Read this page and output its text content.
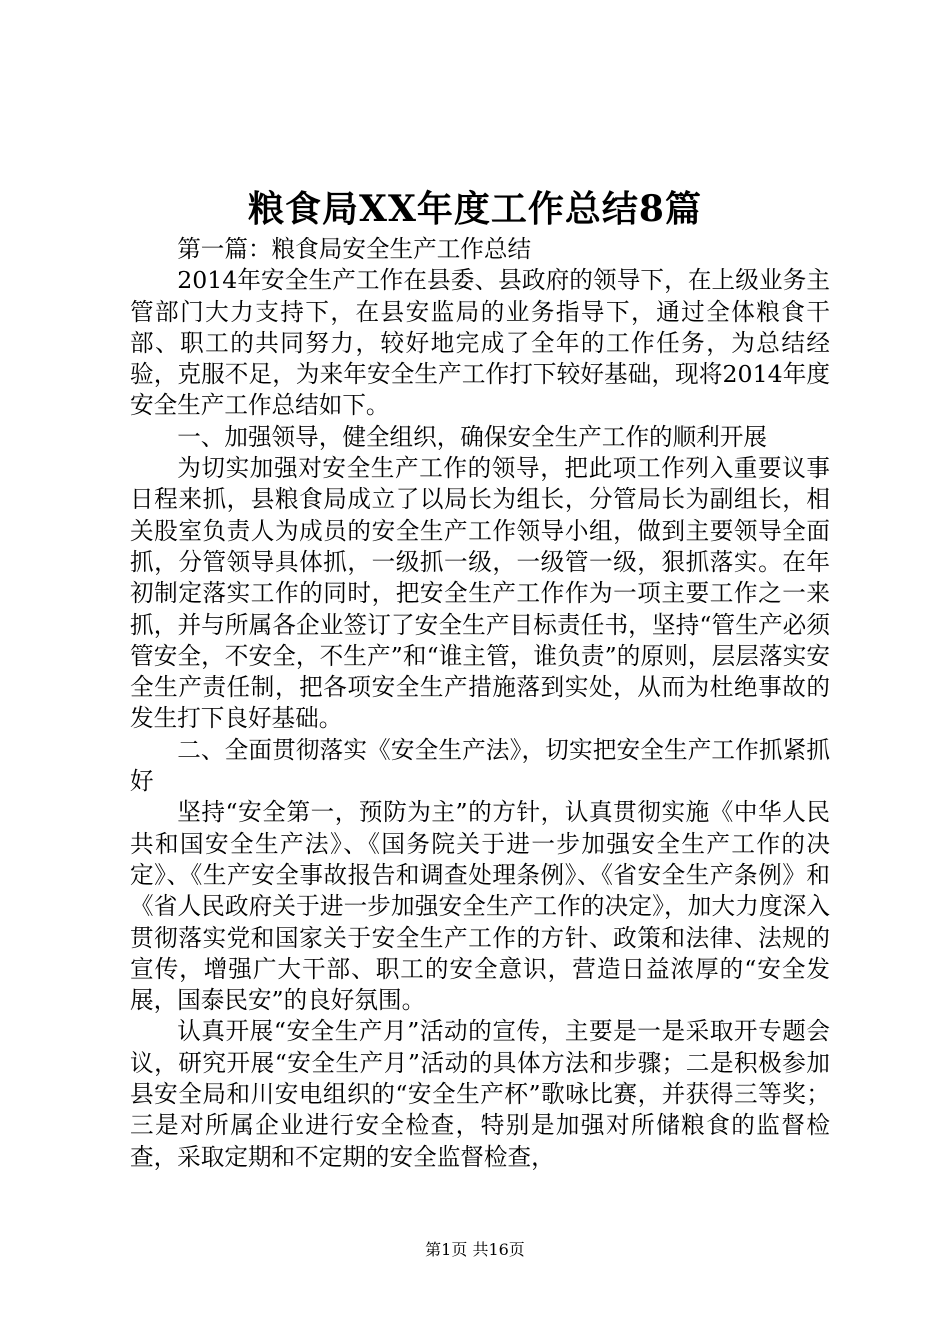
粮食局XX年度工作总结8篇

第一篇：粮食局安全生产工作总结

2014年安全生产工作在县委、县政府的领导下，在上级业务主管部门大力支持下，在县安监局的业务指导下，通过全体粮食干部、职工的共同努力，较好地完成了全年的工作任务，为总结经验，克服不足，为来年安全生产工作打下较好基础，现将2014年度安全生产工作总结如下。

一、加强领导，健全组织，确保安全生产工作的顺利开展

为切实加强对安全生产工作的领导，把此项工作列入重要议事日程来抓，县粮食局成立了以局长为组长，分管局长为副组长，相关股室负责人为成员的安全生产工作领导小组，做到主要领导全面抓，分管领导具体抓，一级抓一级，一级管一级，狠抓落实。在年初制定落实工作的同时，把安全生产工作作为一项主要工作之一来抓，并与所属各企业签订了安全生产目标责任书，坚持“管生产必须管安全，不安全，不生产”和“谁主管，谁负责”的原则，层层落实安全生产责任制，把各项安全生产措施落到实处，从而为杜绝事故的发生打下良好基础。

二、全面贯彻落实《安全生产法》，切实把安全生产工作抓紧抓好

坚持“安全第一，预防为主”的方针，认真贯彻实施《中华人民共和国安全生产法》、《国务院关于进一步加强安全生产工作的决定》、《生产安全事故报告和调查处理条例》、《省安全生产条例》和《省人民政府关于进一步加强安全生产工作的决定》，加大力度深入贯彻落实党和国家关于安全生产工作的方针、政策和法律、法规的宣传，增强广大干部、职工的安全意识，营造日益浓厚的“安全发展，国泰民安”的良好氛围。

认真开展“安全生产月”活动的宣传，主要是一是采取开专题会议，研究开展“安全生产月”活动的具体方法和步骤；二是积极参加县安全局和川安电组织的“安全生产杯”歌咏比赛，并获得三等奖；三是对所属企业进行安全检查，特别是加强对所储粮食的监督检查，采取定期和不定期的安全监督检查，

第1页 共16页
